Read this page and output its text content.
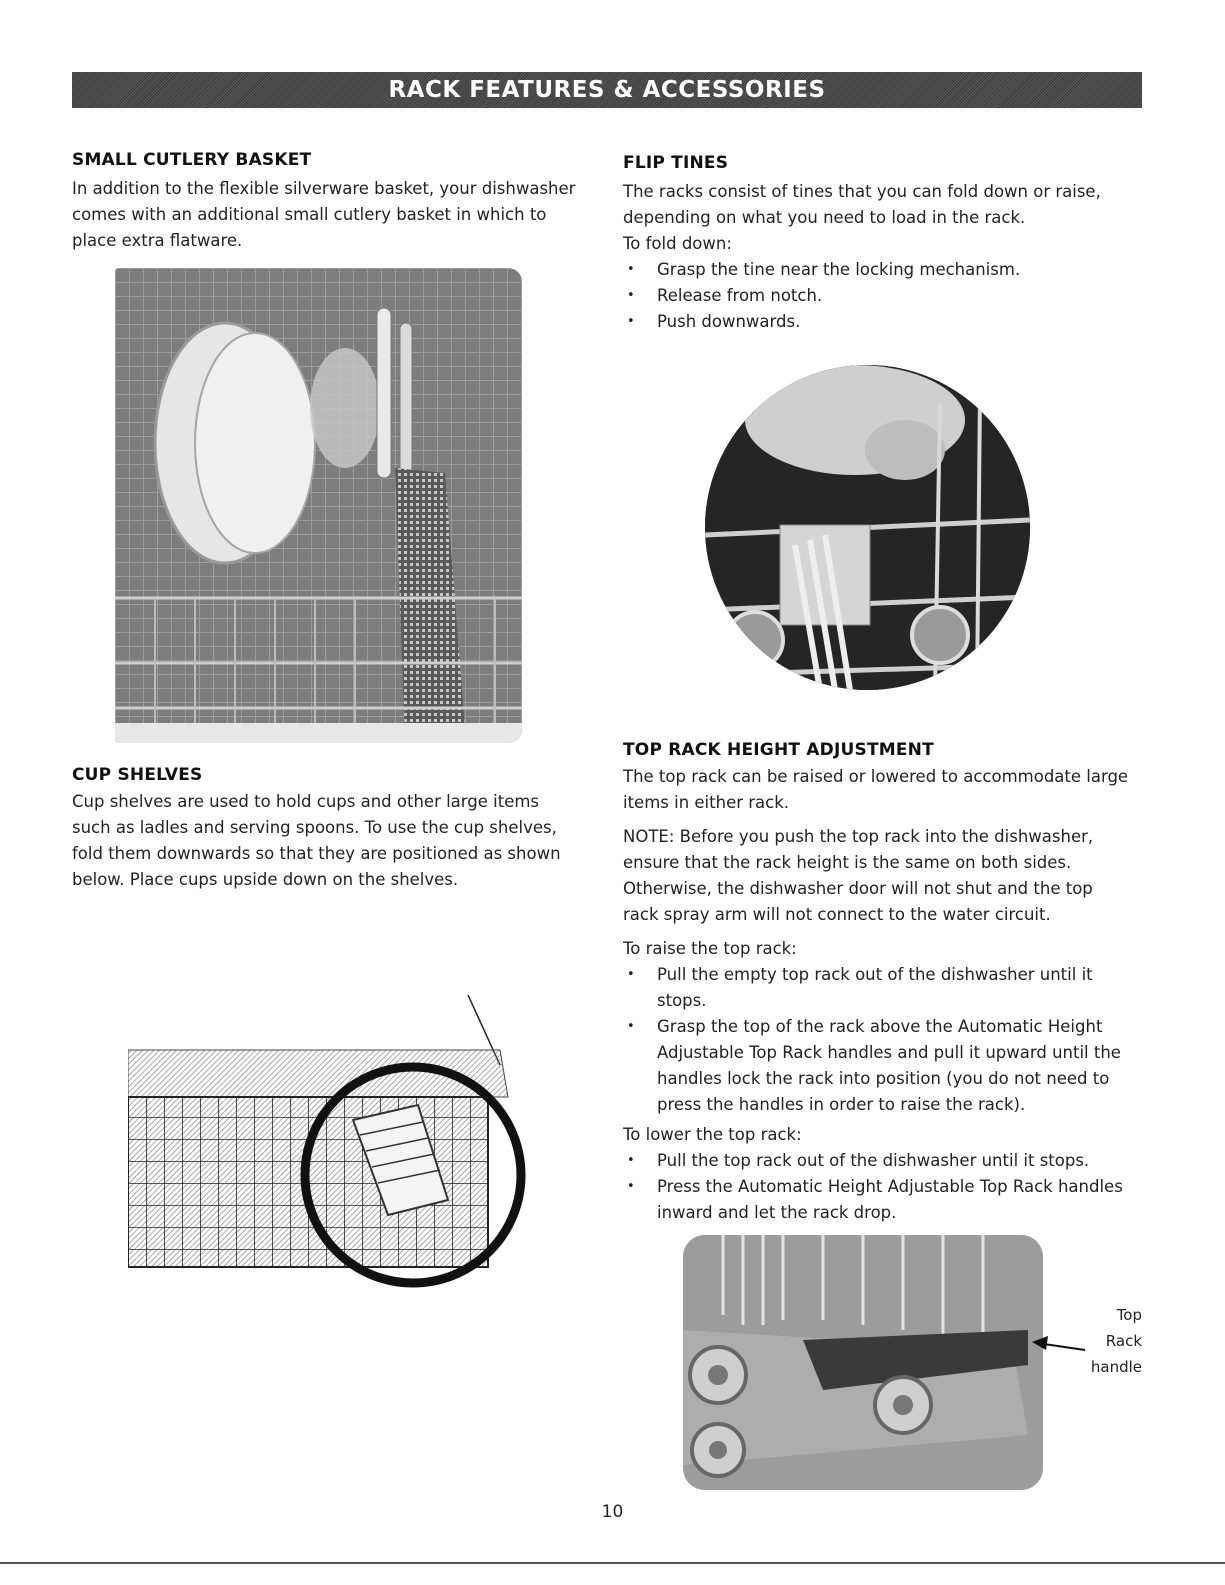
RACK FEATURES & ACCESSORIES
SMALL CUTLERY BASKET

In addition to the flexible silverware basket, your dishwasher comes with an additional small cutlery basket in which to place extra flatware.

CUP SHELVES

Cup shelves are used to hold cups and other large items such as ladles and serving spoons. To use the cup shelves, fold them downwards so that they are positioned as shown below. Place cups upside down on the shelves.

FLIP TINES

The racks consist of tines that you can fold down or raise, depending on what you need to load in the rack.

To fold down:

• Grasp the tine near the locking mechanism.
• Release from notch.
• Push downwards.
TOP RACK HEIGHT ADJUSTMENT

The top rack can be raised or lowered to accommodate large items in either rack.

NOTE: Before you push the top rack into the dishwasher, ensure that the rack height is the same on both sides. Otherwise, the dishwasher door will not shut and the top rack spray arm will not connect to the water circuit.

To raise the top rack:

• Pull the empty top rack out of the dishwasher until it stops.
• Grasp the top of the rack above the Automatic Height Adjustable Top Rack handles and pull it upward until the handles lock the rack into position (you do not need to press the handles in order to raise the rack).

To lower the top rack:

• Pull the top rack out of the dishwasher until it stops.
• Press the Automatic Height Adjustable Top Rack handles inward and let the rack drop.
Top
Rack
handle
10
